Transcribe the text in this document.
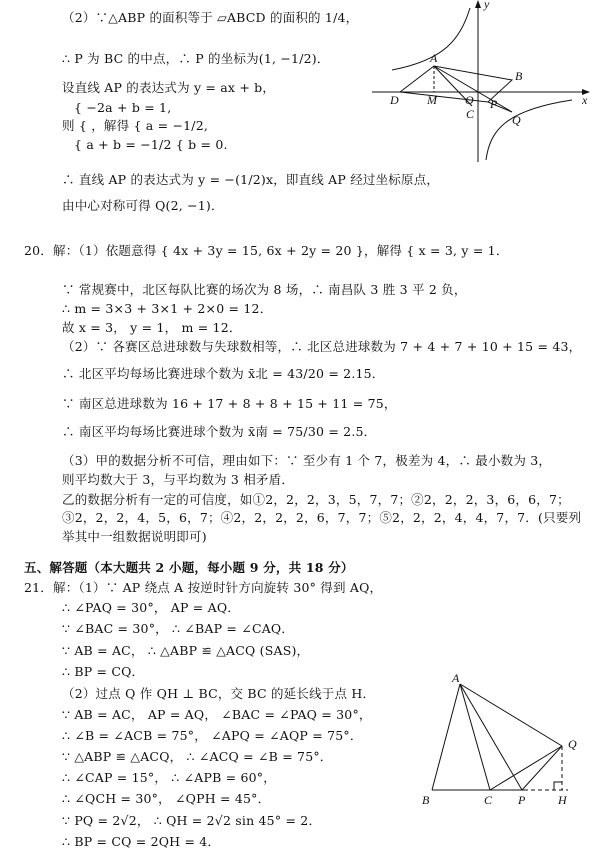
（2）∵△ABP 的面积等于 ▱ABCD 的面积的 1/4，
∴ P 为 BC 的中点，∴ P 的坐标为(1, −1/2)．
设直线 AP 的表达式为 y = ax + b，
{ −2a + b = 1,
则 { ，解得 { a = −1/2,
{ a + b = −1/2 { b = 0.
∴ 直线 AP 的表达式为 y = −(1/2)x，即直线 AP 经过坐标原点，
由中心对称可得 Q(2, −1)．
y
x
A
B
D M O
C
P
Q
20．解：（1）依题意得 { 4x + 3y = 15, 6x + 2y = 20 }，解得 { x = 3, y = 1．
∵ 常规赛中，北区每队比赛的场次为 8 场，∴ 南昌队 3 胜 3 平 2 负，
∴ m = 3×3 + 3×1 + 2×0 = 12．
故 x = 3， y = 1， m = 12．
（2）∵ 各赛区总进球数与失球数相等，∴ 北区总进球数为 7 + 4 + 7 + 10 + 15 = 43，
∴ 北区平均每场比赛进球个数为 x̄北 = 43/20 = 2.15．
∵ 南区总进球数为 16 + 17 + 8 + 8 + 15 + 11 = 75，
∴ 南区平均每场比赛进球个数为 x̄南 = 75/30 = 2.5．
（3）甲的数据分析不可信，理由如下：∵ 至少有 1 个 7，极差为 4，∴ 最小数为 3，
则平均数大于 3，与平均数为 3 相矛盾．
乙的数据分析有一定的可信度，如①2，2，2，3，5，7，7；②2，2，2，3，6，6，7；
③2，2，2，4，5，6，7；④2，2，2，2，6，7，7；⑤2，2，2，4，4，7，7．(只要列
举其中一组数据说明即可)
五、解答题（本大题共 2 小题，每小题 9 分，共 18 分）
21．解：（1）∵ AP 绕点 A 按逆时针方向旋转 30° 得到 AQ，
∴ ∠PAQ = 30°， AP = AQ．
∵ ∠BAC = 30°， ∴ ∠BAP = ∠CAQ．
∵ AB = AC， ∴ △ABP ≌ △ACQ (SAS)，
∴ BP = CQ．
（2）过点 Q 作 QH ⊥ BC，交 BC 的延长线于点 H．
∵ AB = AC， AP = AQ， ∠BAC = ∠PAQ = 30°，
∴ ∠B = ∠ACB = 75°， ∠APQ = ∠AQP = 75°．
∵ △ABP ≌ △ACQ， ∴ ∠ACQ = ∠B = 75°．
∴ ∠CAP = 15°， ∴ ∠APB = 60°，
∴ ∠QCH = 30°， ∠QPH = 45°．
∵ PQ = 2√2， ∴ QH = 2√2 sin 45° = 2．
∴ BP = CQ = 2QH = 4．
A
Q
B	C P	H
